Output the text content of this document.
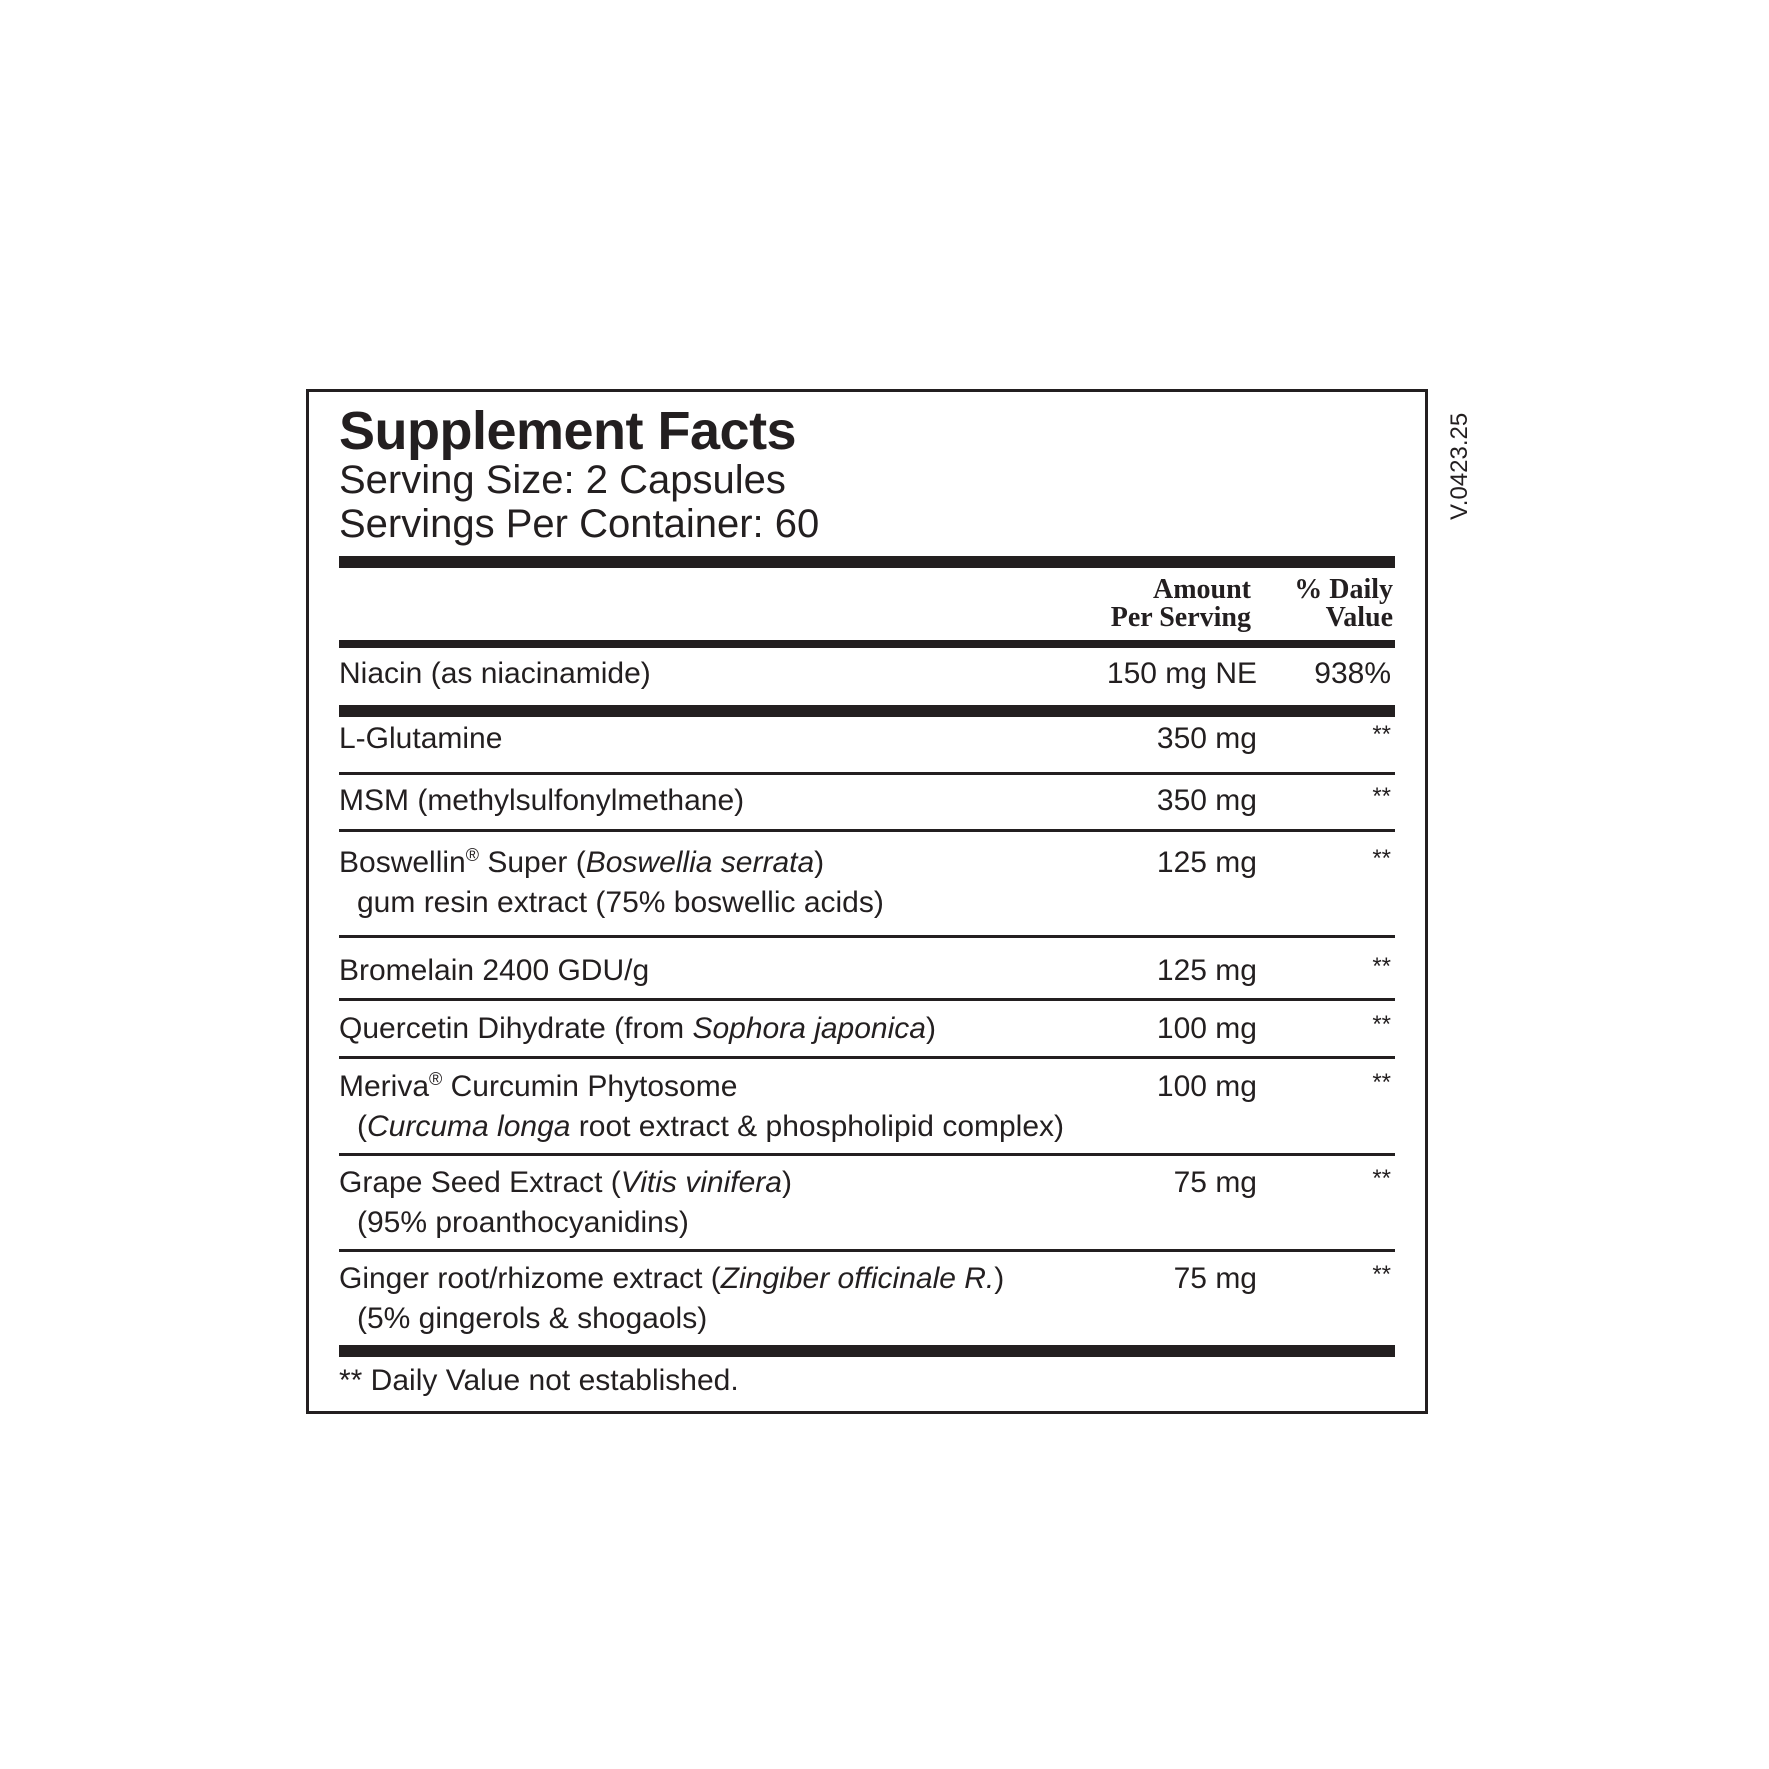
Supplement Facts
Serving Size: 2 Capsules
Servings Per Container: 60
Amount
Per Serving
% Daily
Value
Niacin (as niacinamide)	150 mg NE 938%
L-Glutamine	350 mg	**
MSM (methylsulfonylmethane)	350 mg	**
Boswellin® Super (Boswellia serrata)
gum resin extract (75% boswellic acids)
125 mg	**
Bromelain 2400 GDU/g	125 mg	**
Quercetin Dihydrate (from Sophora japonica)	100 mg	**
Meriva® Curcumin Phytosome
(Curcuma longa root extract & phospholipid complex)
100 mg	**
Grape Seed Extract (Vitis vinifera)
(95% proanthocyanidins)
75 mg	**
Ginger root/rhizome extract (Zingiber officinale R.)
(5% gingerols & shogaols)
75 mg	**
** Daily Value not established.
V.0423.25
